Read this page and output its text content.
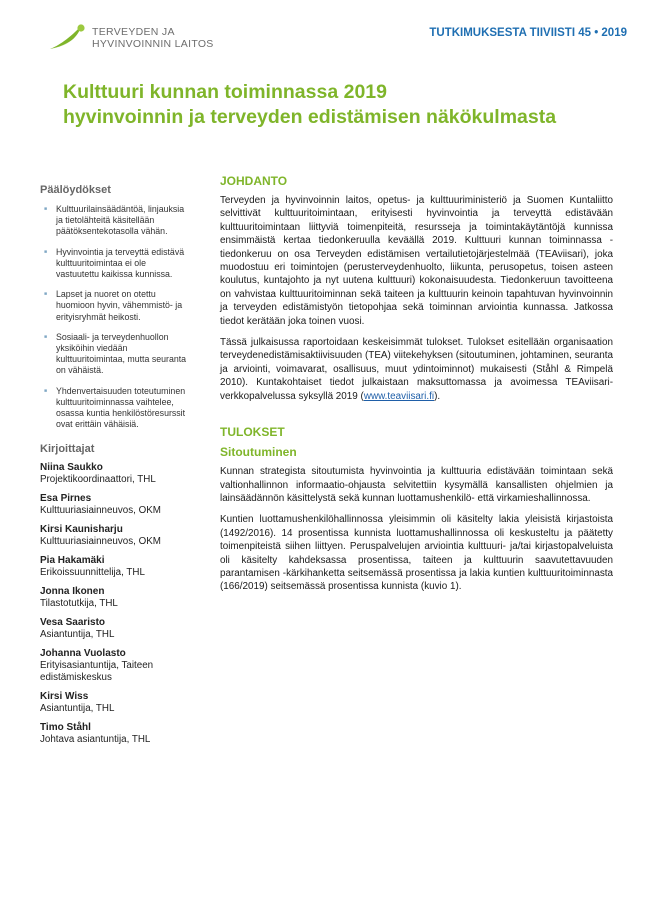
TERVEYDEN JA
HYVINVOINNIN LAITOS
TUTKIMUKSESTA TIIVIISTI 45 • 2019
Kulttuuri kunnan toiminnassa 2019
hyvinvoinnin ja terveyden edistämisen näkökulmasta
Päälöydökset
■ Kulttuurilainsäädäntöä, linjauksia ja tietolähteitä käsitellään päätöksentekotasolla vähän.
■ Hyvinvointia ja terveyttä edistävä kulttuuritoimintaa ei ole vastuutettu kaikissa kunnissa.
■ Lapset ja nuoret on otettu huomioon hyvin, vähemmistö- ja erityisryhmät heikosti.
■ Sosiaali- ja terveydenhuollon yksiköihin viedään kulttuuritoimintaa, mutta seuranta on vähäistä.
■ Yhdenvertaisuuden toteutuminen kulttuuritoiminnassa vaihtelee, osassa kuntia henkilöstöresurssit ovat erittäin vähäisiä.
Kirjoittajat
Niina Saukko
Projektikoordinaattori, THL
Esa Pirnes
Kulttuuriasiainneuvos, OKM
Kirsi Kaunisharju
Kulttuuriasiainneuvos, OKM
Pia Hakamäki
Erikoissuunnittelija, THL
Jonna Ikonen
Tilastotutkija, THL
Vesa Saaristo
Asiantuntija, THL
Johanna Vuolasto
Erityisasiantuntija, Taiteen edistämiskeskus
Kirsi Wiss
Asiantuntija, THL
Timo Ståhl
Johtava asiantuntija, THL
JOHDANTO

Terveyden ja hyvinvoinnin laitos, opetus- ja kulttuuriministeriö ja Suomen Kuntaliitto selvittivät kulttuuritoimintaan, erityisesti hyvinvointia ja terveyttä edistävään kulttuuritoimintaan liittyviä toimenpiteitä, resursseja ja toimintakäytäntöjä kunnissa ensimmäistä kertaa tiedonkeruulla keväällä 2019. Kulttuuri kunnan toiminnassa -tiedonkeruu on osa Terveyden edistämisen vertailutietojärjestelmää (TEAviisari), joka muodostuu eri toimintojen (perusterveydenhuolto, liikunta, perusopetus, toisen asteen koulutus, kuntajohto ja nyt uutena kulttuuri) kokonaisuudesta. Tiedonkeruun tavoitteena on vahvistaa kulttuuritoiminnan sekä taiteen ja kulttuurin keinoin tapahtuvan hyvinvoinnin ja terveyden edistämistyön tietopohjaa sekä toiminnan arviointia kunnassa. Jatkossa tiedot kerätään joka toinen vuosi.

Tässä julkaisussa raportoidaan keskeisimmät tulokset. Tulokset esitellään organisaation terveydenedistämisaktiivisuuden (TEA) viitekehyksen (sitoutuminen, johtaminen, seuranta ja arviointi, voimavarat, osallisuus, muut ydintoiminnot) mukaisesti (Ståhl & Rimpelä 2010). Kuntakohtaiset tiedot julkaistaan maksuttomassa ja avoimessa TEAviisari-verkkopalvelussa syksyllä 2019 (www.teaviisari.fi).

TULOKSET
Sitoutuminen

Kunnan strategista sitoutumista hyvinvointia ja kulttuuria edistävään toimintaan sekä valtionhallinnon informaatio-ohjausta selvitettiin kysymällä kansallisten ohjelmien ja lainsäädännön käsittelystä sekä kunnan luottamushenkilö- että virkamieshallinnossa.

Kuntien luottamushenkilöhallinnossa yleisimmin oli käsitelty lakia yleisistä kirjastoista (1492/2016). 14 prosentissa kunnista luottamushallinnossa oli keskusteltu ja päätetty toimenpiteistä siihen liittyen. Peruspalvelujen arviointia kulttuuri- ja/tai kirjastopalveluista oli käsitelty kahdeksassa prosentissa, taiteen ja kulttuurin saavutettavuuden parantamisen -kärkihanketta seitsemässä prosentissa ja lakia kuntien kulttuuritoiminnasta (166/2019) seitsemässä prosentissa kunnista (kuvio 1).
